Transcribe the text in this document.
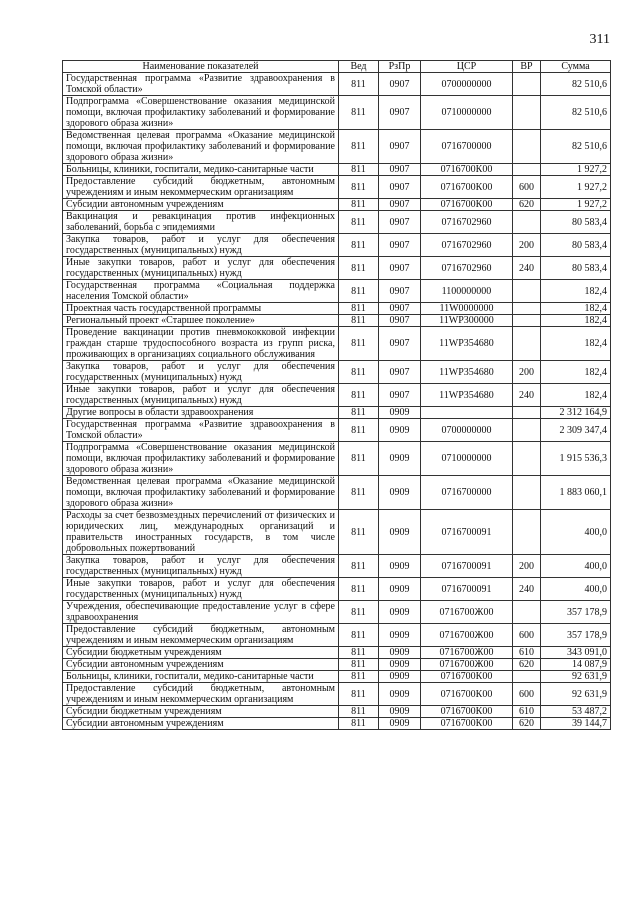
311
Наименование показателей	Вед	РзПр	ЦСР	ВР	Сумма
Государственная программа «Развитие здравоохранения в Томской области»	811	0907	0700000000		82 510,6
Подпрограмма «Совершенствование оказания медицинской помощи, включая профилактику заболеваний и формирование здорового образа жизни»	811	0907	0710000000		82 510,6
Ведомственная целевая программа «Оказание медицинской помощи, включая профилактику заболеваний и формирование здорового образа жизни»	811	0907	0716700000		82 510,6
Больницы, клиники, госпитали, медико-санитарные части	811	0907	0716700К00		1 927,2
Предоставление субсидий бюджетным, автономным учреждениям и иным некоммерческим организациям	811	0907	0716700К00	600	1 927,2
Субсидии автономным учреждениям	811	0907	0716700К00	620	1 927,2
Вакцинация и ревакцинация против инфекционных заболеваний, борьба с эпидемиями	811	0907	0716702960		80 583,4
Закупка товаров, работ и услуг для обеспечения государственных (муниципальных) нужд	811	0907	0716702960	200	80 583,4
Иные закупки товаров, работ и услуг для обеспечения государственных (муниципальных) нужд	811	0907	0716702960	240	80 583,4
Государственная программа «Социальная поддержка населения Томской области»	811	0907	1100000000		182,4
Проектная часть государственной программы	811	0907	11W0000000		182,4
Региональный проект «Старшее поколение»	811	0907	11WP300000		182,4
Проведение вакцинации против пневмококковой инфекции граждан старше трудоспособного возраста из групп риска, проживающих в организациях социального обслуживания	811	0907	11WP354680		182,4
Закупка товаров, работ и услуг для обеспечения государственных (муниципальных) нужд	811	0907	11WP354680	200	182,4
Иные закупки товаров, работ и услуг для обеспечения государственных (муниципальных) нужд	811	0907	11WP354680	240	182,4
Другие вопросы в области здравоохранения	811	0909			2 312 164,9
Государственная программа «Развитие здравоохранения в Томской области»	811	0909	0700000000		2 309 347,4
Подпрограмма «Совершенствование оказания медицинской помощи, включая профилактику заболеваний и формирование здорового образа жизни»	811	0909	0710000000		1 915 536,3
Ведомственная целевая программа «Оказание медицинской помощи, включая профилактику заболеваний и формирование здорового образа жизни»	811	0909	0716700000		1 883 060,1
Расходы за счет безвозмездных перечислений от физических и юридических лиц, международных организаций и правительств иностранных государств, в том числе добровольных пожертвований	811	0909	0716700091		400,0
Закупка товаров, работ и услуг для обеспечения государственных (муниципальных) нужд	811	0909	0716700091	200	400,0
Иные закупки товаров, работ и услуг для обеспечения государственных (муниципальных) нужд	811	0909	0716700091	240	400,0
Учреждения, обеспечивающие предоставление услуг в сфере здравоохранения	811	0909	0716700Ж00		357 178,9
Предоставление субсидий бюджетным, автономным учреждениям и иным некоммерческим организациям	811	0909	0716700Ж00	600	357 178,9
Субсидии бюджетным учреждениям	811	0909	0716700Ж00	610	343 091,0
Субсидии автономным учреждениям	811	0909	0716700Ж00	620	14 087,9
Больницы, клиники, госпитали, медико-санитарные части	811	0909	0716700К00		92 631,9
Предоставление субсидий бюджетным, автономным учреждениям и иным некоммерческим организациям	811	0909	0716700К00	600	92 631,9
Субсидии бюджетным учреждениям	811	0909	0716700К00	610	53 487,2
Субсидии автономным учреждениям	811	0909	0716700К00	620	39 144,7
